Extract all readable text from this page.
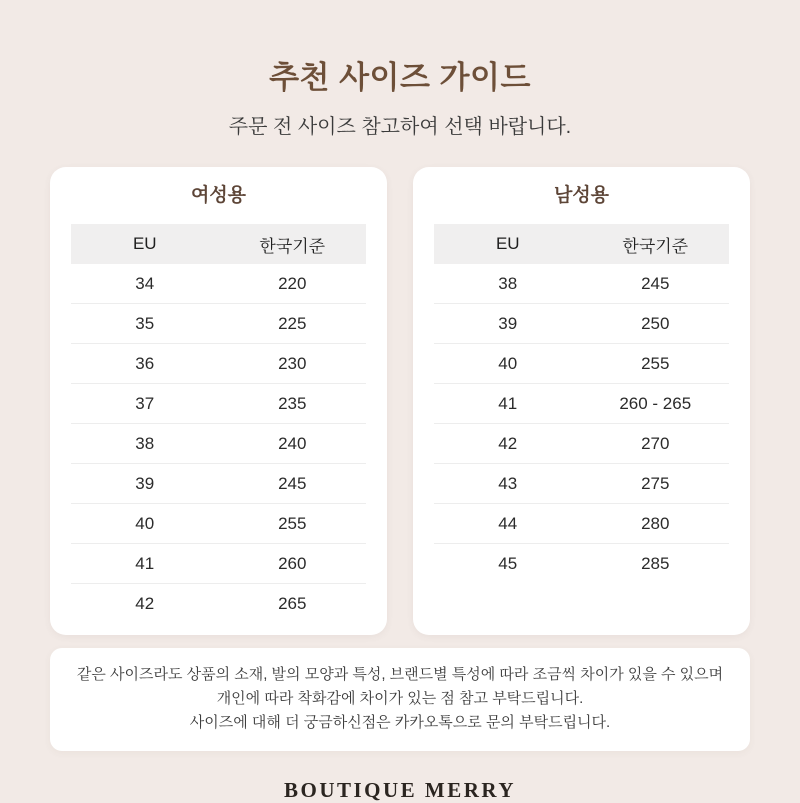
추천 사이즈 가이드
주문 전 사이즈 참고하여 선택 바랍니다.
여성용
EU	한국기준
34	220
35	225
36	230
37	235
38	240
39	245
40	255
41	260
42	265
남성용
EU	한국기준
38	245
39	250
40	255
41	260 - 265
42	270
43	275
44	280
45	285
같은 사이즈라도 상품의 소재, 발의 모양과 특성, 브랜드별 특성에 따라 조금씩 차이가 있을 수 있으며
개인에 따라 착화감에 차이가 있는 점 참고 부탁드립니다.
사이즈에 대해 더 궁금하신점은 카카오톡으로 문의 부탁드립니다.
BOUTIQUE MERRY
